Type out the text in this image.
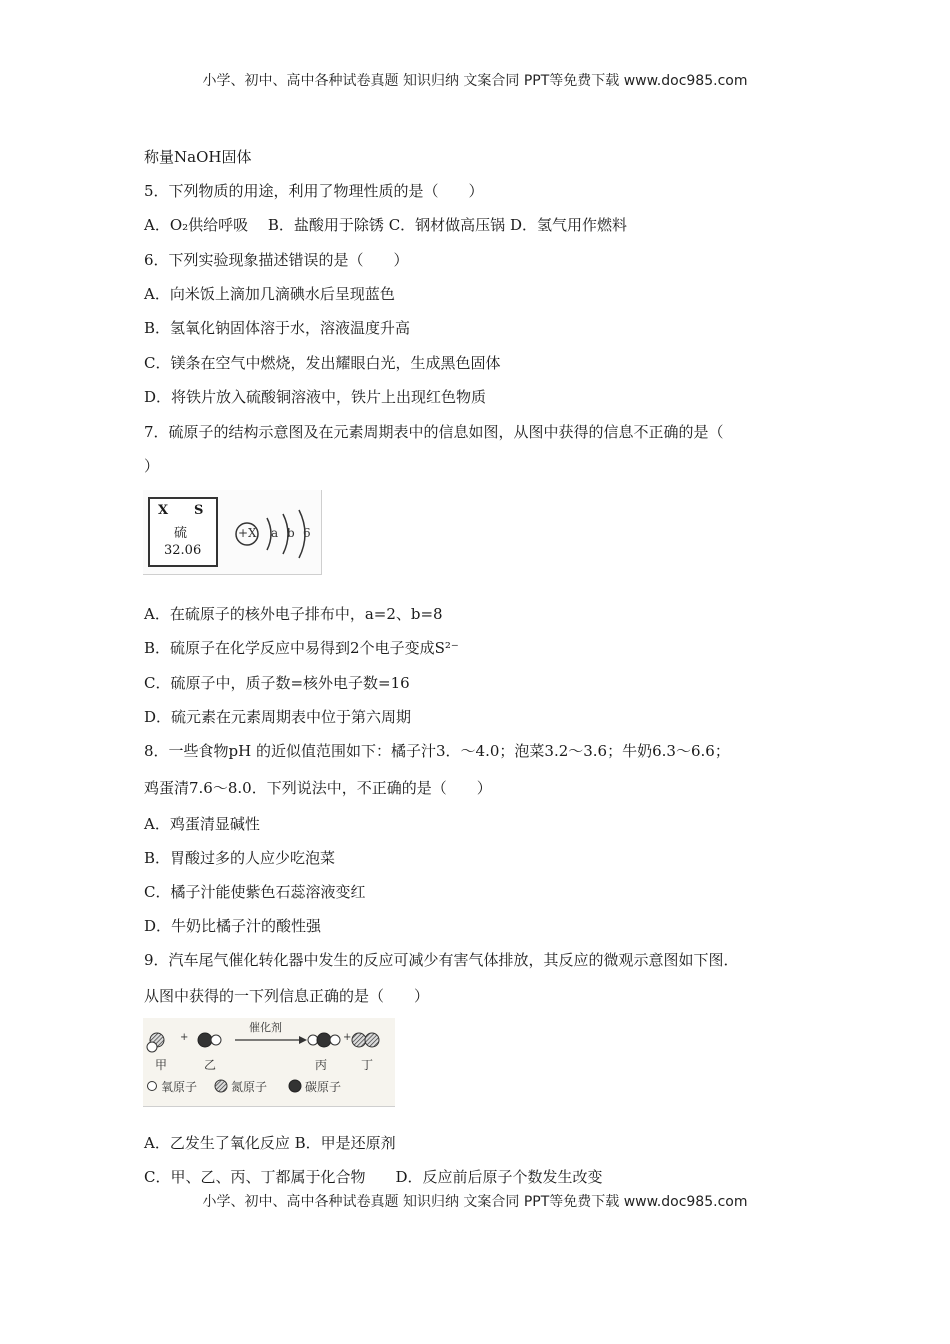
小学、初中、高中各种试卷真题 知识归纳 文案合同 PPT等免费下载 www.doc985.com
称量NaOH固体
5．下列物质的用途，利用了物理性质的是（　　）
A．O₂供给呼吸　 B．盐酸用于除锈 C．钢材做高压锅 D．氢气用作燃料
6．下列实验现象描述错误的是（　　）
A．向米饭上滴加几滴碘水后呈现蓝色
B．氢氧化钠固体溶于水，溶液温度升高
C．镁条在空气中燃烧，发出耀眼白光，生成黑色固体
D．将铁片放入硫酸铜溶液中，铁片上出现红色物质
7．硫原子的结构示意图及在元素周期表中的信息如图，从图中获得的信息不正确的是（
）
X S
硫
32.06
+X a b 6
A．在硫原子的核外电子排布中，a=2、b=8
B．硫原子在化学反应中易得到2个电子变成S²⁻
C．硫原子中，质子数=核外电子数=16
D．硫元素在元素周期表中位于第六周期
8．一些食物pH 的近似值范围如下：橘子汁3．～4.0；泡菜3.2～3.6；牛奶6.3～6.6；
鸡蛋清7.6～8.0．下列说法中，不正确的是（　　）
A．鸡蛋清显碱性
B．胃酸过多的人应少吃泡菜
C．橘子汁能使紫色石蕊溶液变红
D．牛奶比橘子汁的酸性强
9．汽车尾气催化转化器中发生的反应可减少有害气体排放，其反应的微观示意图如下图．
从图中获得的一下列信息正确的是（　　）
+	+
催化剂
甲	乙	丙	丁
氧原子	氮原子	碳原子
A．乙发生了氧化反应 B．甲是还原剂
C．甲、乙、丙、丁都属于化合物　　D．反应前后原子个数发生改变
小学、初中、高中各种试卷真题 知识归纳 文案合同 PPT等免费下载 www.doc985.com
